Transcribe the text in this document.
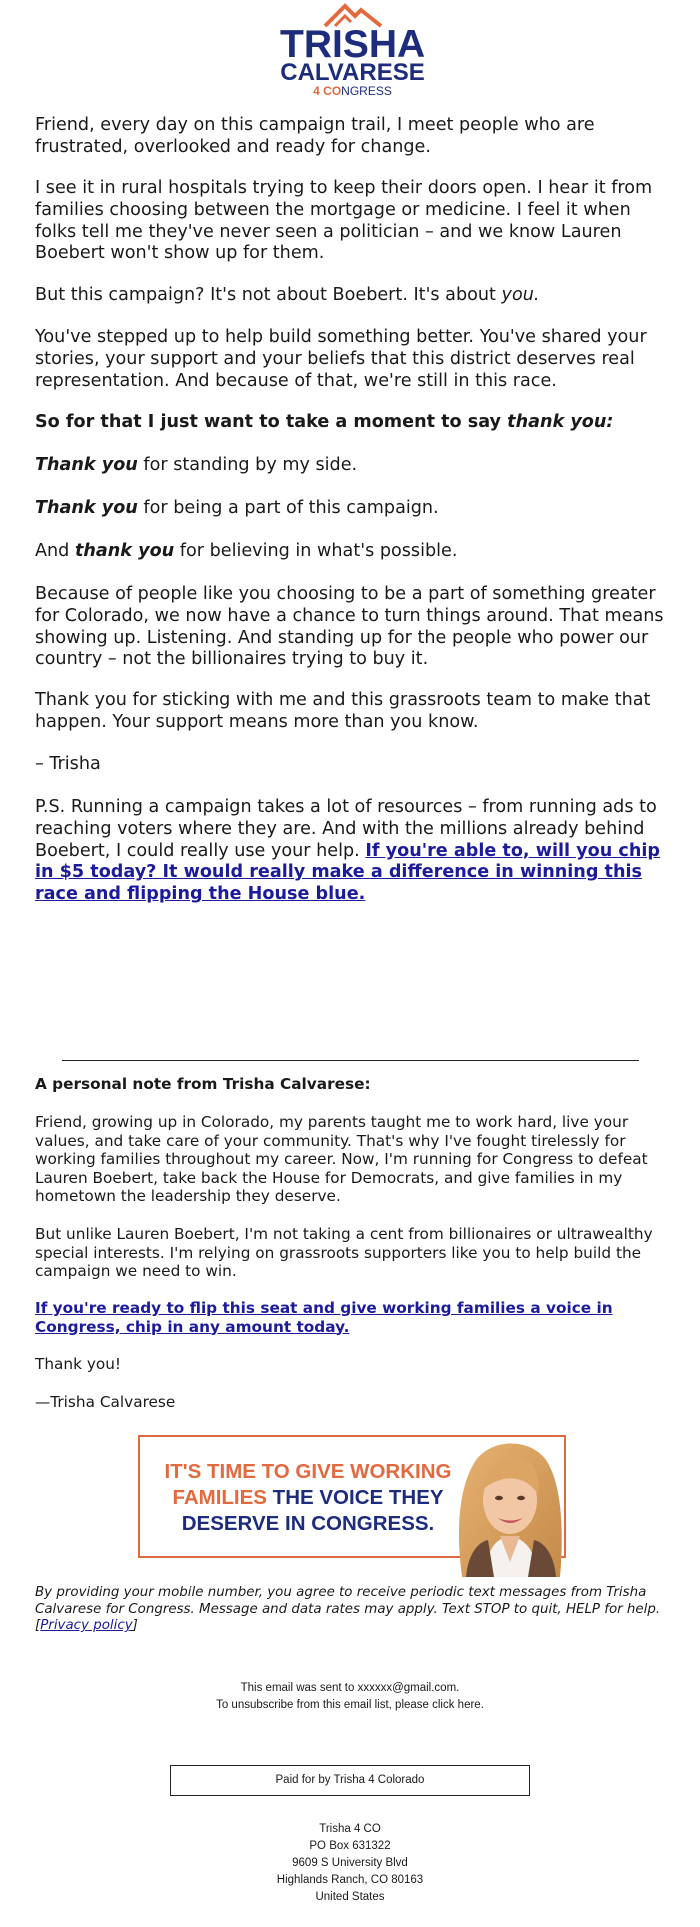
TRISHA
CALVARESE
4 CONGRESS

Friend, every day on this campaign trail, I meet people who are frustrated, overlooked and ready for change.

I see it in rural hospitals trying to keep their doors open. I hear it from families choosing between the mortgage or medicine. I feel it when folks tell me they've never seen a politician – and we know Lauren Boebert won't show up for them.

But this campaign? It's not about Boebert. It's about you.

You've stepped up to help build something better. You've shared your stories, your support and your beliefs that this district deserves real representation. And because of that, we're still in this race.

So for that I just want to take a moment to say thank you:

Thank you for standing by my side.

Thank you for being a part of this campaign.

And thank you for believing in what's possible.

Because of people like you choosing to be a part of something greater for Colorado, we now have a chance to turn things around. That means showing up. Listening. And standing up for the people who power our country – not the billionaires trying to buy it.

Thank you for sticking with me and this grassroots team to make that happen. Your support means more than you know.

– Trisha

P.S. Running a campaign takes a lot of resources – from running ads to reaching voters where they are. And with the millions already behind Boebert, I could really use your help. If you're able to, will you chip in $5 today? It would really make a difference in winning this race and flipping the House blue.

A personal note from Trisha Calvarese:

Friend, growing up in Colorado, my parents taught me to work hard, live your values, and take care of your community. That's why I've fought tirelessly for working families throughout my career. Now, I'm running for Congress to defeat Lauren Boebert, take back the House for Democrats, and give families in my hometown the leadership they deserve.

But unlike Lauren Boebert, I'm not taking a cent from billionaires or ultrawealthy special interests. I'm relying on grassroots supporters like you to help build the campaign we need to win.

If you're ready to flip this seat and give working families a voice in Congress, chip in any amount today.

Thank you!

—Trisha Calvarese

IT'S TIME TO GIVE WORKING
FAMILIES THE VOICE THEY
DESERVE IN CONGRESS.

By providing your mobile number, you agree to receive periodic text messages from Trisha Calvarese for Congress. Message and data rates may apply. Text STOP to quit, HELP for help. [Privacy policy]

This email was sent to xxxxxx@gmail.com.
To unsubscribe from this email list, please click here.
Paid for by Trisha 4 Colorado
Trisha 4 CO
PO Box 631322
9609 S University Blvd
Highlands Ranch, CO 80163
United States
